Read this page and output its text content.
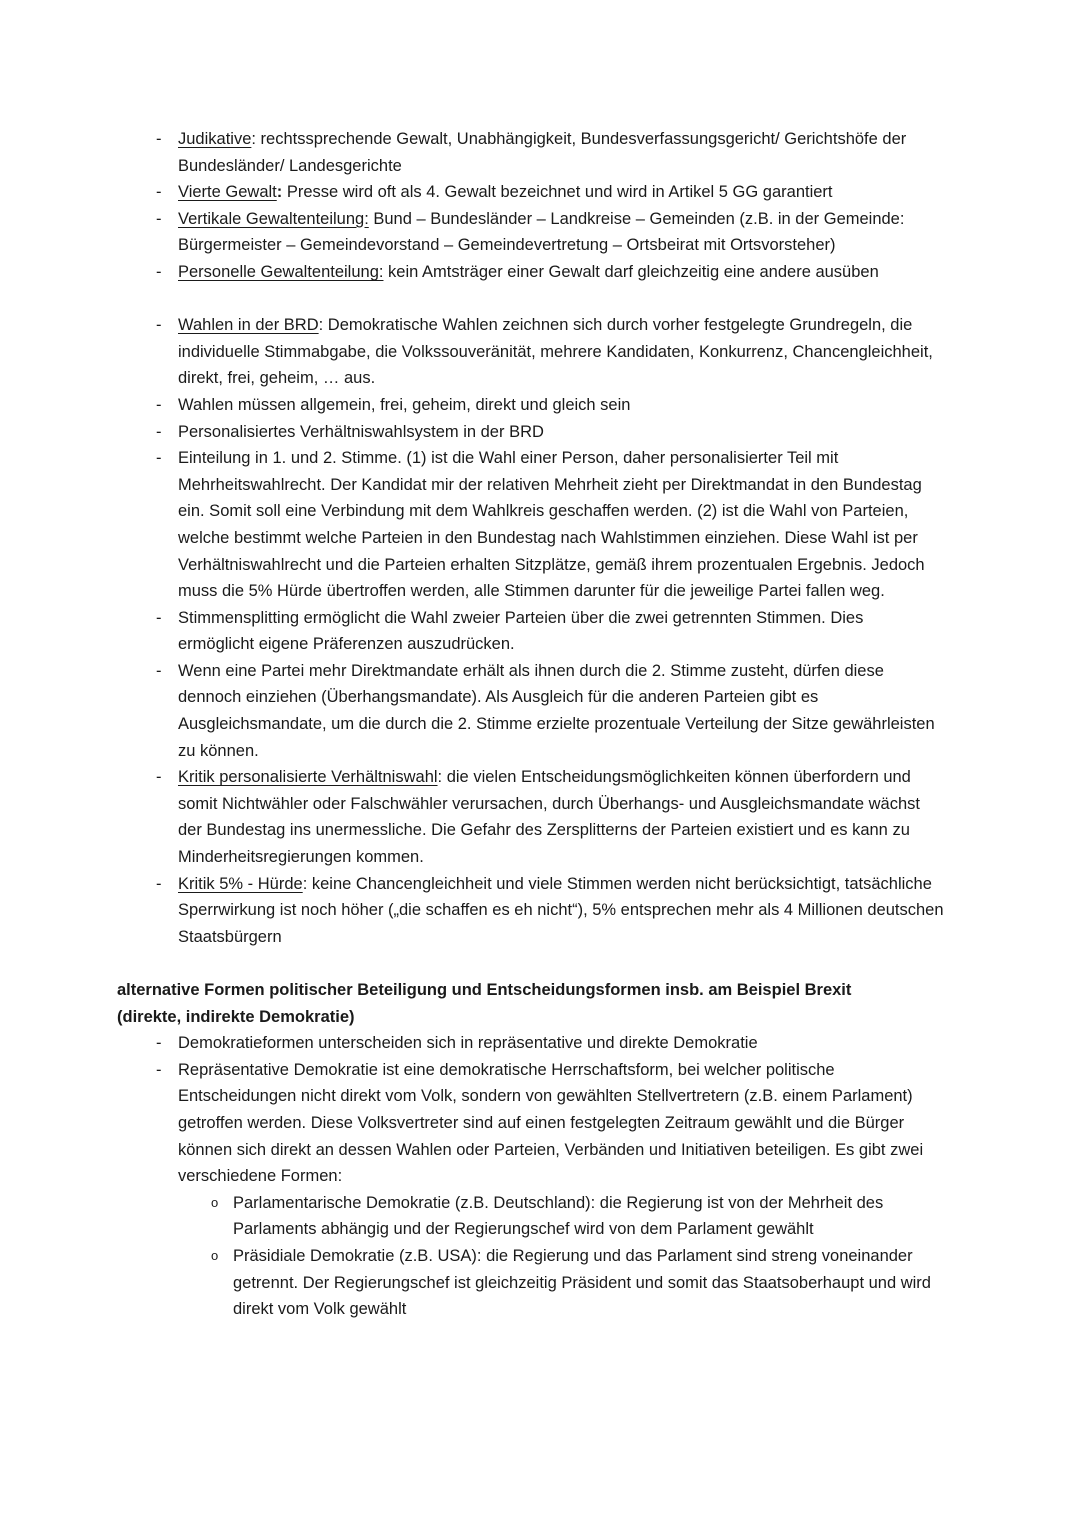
-	Judikative: rechtssprechende Gewalt, Unabhängigkeit, Bundesverfassungsgericht/ Gerichtshöfe der Bundesländer/ Landesgerichte

-	Vierte Gewalt: Presse wird oft als 4. Gewalt bezeichnet und wird in Artikel 5 GG garantiert

-	Vertikale Gewaltenteilung: Bund – Bundesländer – Landkreise – Gemeinden (z.B. in der Gemeinde: Bürgermeister – Gemeindevorstand – Gemeindevertretung – Ortsbeirat mit Ortsvorsteher)

-	Personelle Gewaltenteilung: kein Amtsträger einer Gewalt darf gleichzeitig eine andere ausüben

-	Wahlen in der BRD: Demokratische Wahlen zeichnen sich durch vorher festgelegte Grundregeln, die individuelle Stimmabgabe, die Volkssouveränität, mehrere Kandidaten, Konkurrenz, Chancengleichheit, direkt, frei, geheim, … aus.

-	Wahlen müssen allgemein, frei, geheim, direkt und gleich sein

-	Personalisiertes Verhältniswahlsystem in der BRD

-	Einteilung in 1. und 2. Stimme. (1) ist die Wahl einer Person, daher personalisierter Teil mit Mehrheitswahlrecht. Der Kandidat mir der relativen Mehrheit zieht per Direktmandat in den Bundestag ein. Somit soll eine Verbindung mit dem Wahlkreis geschaffen werden. (2) ist die Wahl von Parteien, welche bestimmt welche Parteien in den Bundestag nach Wahlstimmen einziehen. Diese Wahl ist per Verhältniswahlrecht und die Parteien erhalten Sitzplätze, gemäß ihrem prozentualen Ergebnis. Jedoch muss die 5% Hürde übertroffen werden, alle Stimmen darunter für die jeweilige Partei fallen weg.

-	Stimmensplitting ermöglicht die Wahl zweier Parteien über die zwei getrennten Stimmen. Dies ermöglicht eigene Präferenzen auszudrücken.

-	Wenn eine Partei mehr Direktmandate erhält als ihnen durch die 2. Stimme zusteht, dürfen diese dennoch einziehen (Überhangsmandate). Als Ausgleich für die anderen Parteien gibt es Ausgleichsmandate, um die durch die 2. Stimme erzielte prozentuale Verteilung der Sitze gewährleisten zu können.

-	Kritik personalisierte Verhältniswahl: die vielen Entscheidungsmöglichkeiten können überfordern und somit Nichtwähler oder Falschwähler verursachen, durch Überhangs- und Ausgleichsmandate wächst der Bundestag ins unermessliche. Die Gefahr des Zersplitterns der Parteien existiert und es kann zu Minderheitsregierungen kommen.

-	Kritik 5% - Hürde: keine Chancengleichheit und viele Stimmen werden nicht berücksichtigt, tatsächliche Sperrwirkung ist noch höher („die schaffen es eh nicht“), 5% entsprechen mehr als 4 Millionen deutschen Staatsbürgern

alternative Formen politischer Beteiligung und Entscheidungsformen insb. am Beispiel Brexit
(direkte, indirekte Demokratie)

-	Demokratieformen unterscheiden sich in repräsentative und direkte Demokratie

-	Repräsentative Demokratie ist eine demokratische Herrschaftsform, bei welcher politische Entscheidungen nicht direkt vom Volk, sondern von gewählten Stellvertretern (z.B. einem Parlament) getroffen werden. Diese Volksvertreter sind auf einen festgelegten Zeitraum gewählt und die Bürger können sich direkt an dessen Wahlen oder Parteien, Verbänden und Initiativen beteiligen. Es gibt zwei verschiedene Formen:

o Parlamentarische Demokratie (z.B. Deutschland): die Regierung ist von der Mehrheit des Parlaments abhängig und der Regierungschef wird von dem Parlament gewählt

o Präsidiale Demokratie (z.B. USA): die Regierung und das Parlament sind streng voneinander getrennt. Der Regierungschef ist gleichzeitig Präsident und somit das Staatsoberhaupt und wird direkt vom Volk gewählt
